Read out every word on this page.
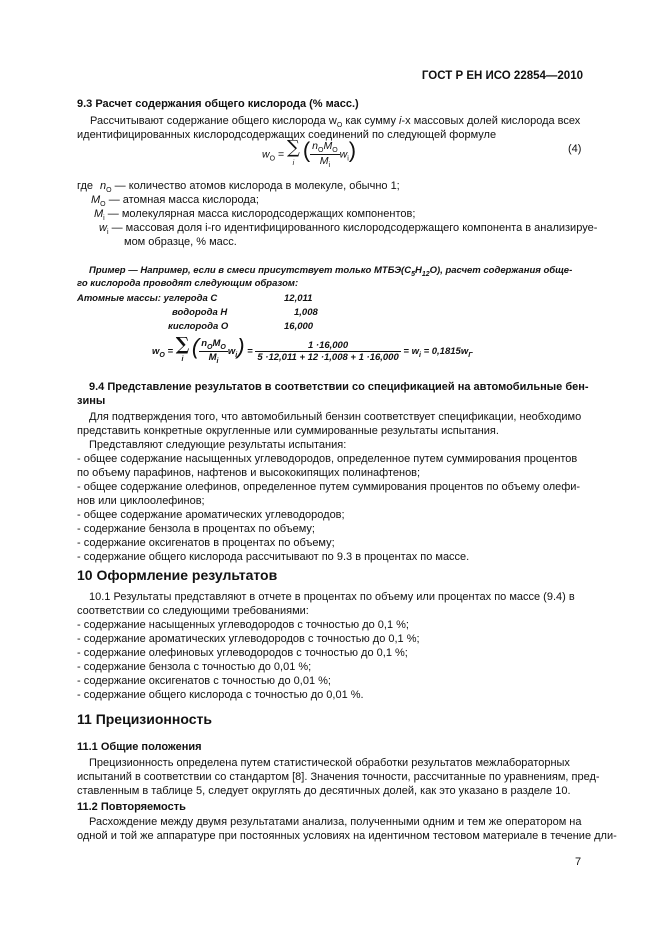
ГОСТ Р ЕН ИСО 22854—2010
9.3 Расчет содержания общего кислорода (% масс.)
Рассчитывают содержание общего кислорода $w_O$ как сумму i-х массовых долей кислорода всех
идентифицированных кислородсодержащих соединений по следующей формуле
$w_O$ = ∑
i ( $\frac{n_OM_O}{M_i} w_i$)	(4)
где $n_O$ — количество атомов кислорода в молекуле, обычно 1;
$M_O$ — атомная масса кислорода;
$M_i$ — молекулярная масса кислородсодержащих компонентов;
$w_i$ — массовая доля i-го идентифицированного кислородсодержащего компонента в анализируе-
мом образце, % масс.
Пример — Например, если в смеси присутствует только $МТБЭ(C_5H_{12}O)$, расчет содержания обще-
го кислорода проводят следующим образом:
Атомные массы: углерода С	12,011
водорода Н	1,008
кислорода О	16,000
$w_O$ = ∑
i ( $\frac{n_OM_O}{M_i} w_i) = \frac{1 \cdot 16,000}{5 \cdot 12,011 + 12 \cdot 1,008 + 1 \cdot 16,000} = w_i = 0,1815w_Г$
9.4 Представление результатов в соответствии со спецификацией на автомобильные бен-
зины
Для подтверждения того, что автомобильный бензин соответствует спецификации, необходимо
представить конкретные округленные или суммированные результаты испытания.
Представляют следующие результаты испытания:
- общее содержание насыщенных углеводородов, определенное путем суммирования процентов
по объему парафинов, нафтенов и высококипящих полинафтенов;
- общее содержание олефинов, определенное путем суммирования процентов по объему олефи-
нов или циклоолефинов;
- общее содержание ароматических углеводородов;
- содержание бензола в процентах по объему;
- содержание оксигенатов в процентах по объему;
- содержание общего кислорода рассчитывают по 9.3 в процентах по массе.
10 Оформление результатов
10.1 Результаты представляют в отчете в процентах по объему или процентах по массе (9.4) в
соответствии со следующими требованиями:
- содержание насыщенных углеводородов с точностью до 0,1 %;
- содержание ароматических углеводородов с точностью до 0,1 %;
- содержание олефиновых углеводородов с точностью до 0,1 %;
- содержание бензола с точностью до 0,01 %;
- содержание оксигенатов с точностью до 0,01 %;
- содержание общего кислорода с точностью до 0,01 %.
11 Прецизионность
11.1 Общие положения
Прецизионность определена путем статистической обработки результатов межлабораторных
испытаний в соответствии со стандартом [8]. Значения точности, рассчитанные по уравнениям, пред-
ставленным в таблице 5, следует округлять до десятичных долей, как это указано в разделе 10.
11.2 Повторяемость
Расхождение между двумя результатами анализа, полученными одним и тем же оператором на
одной и той же аппаратуре при постоянных условиях на идентичном тестовом материале в течение дли-
7
